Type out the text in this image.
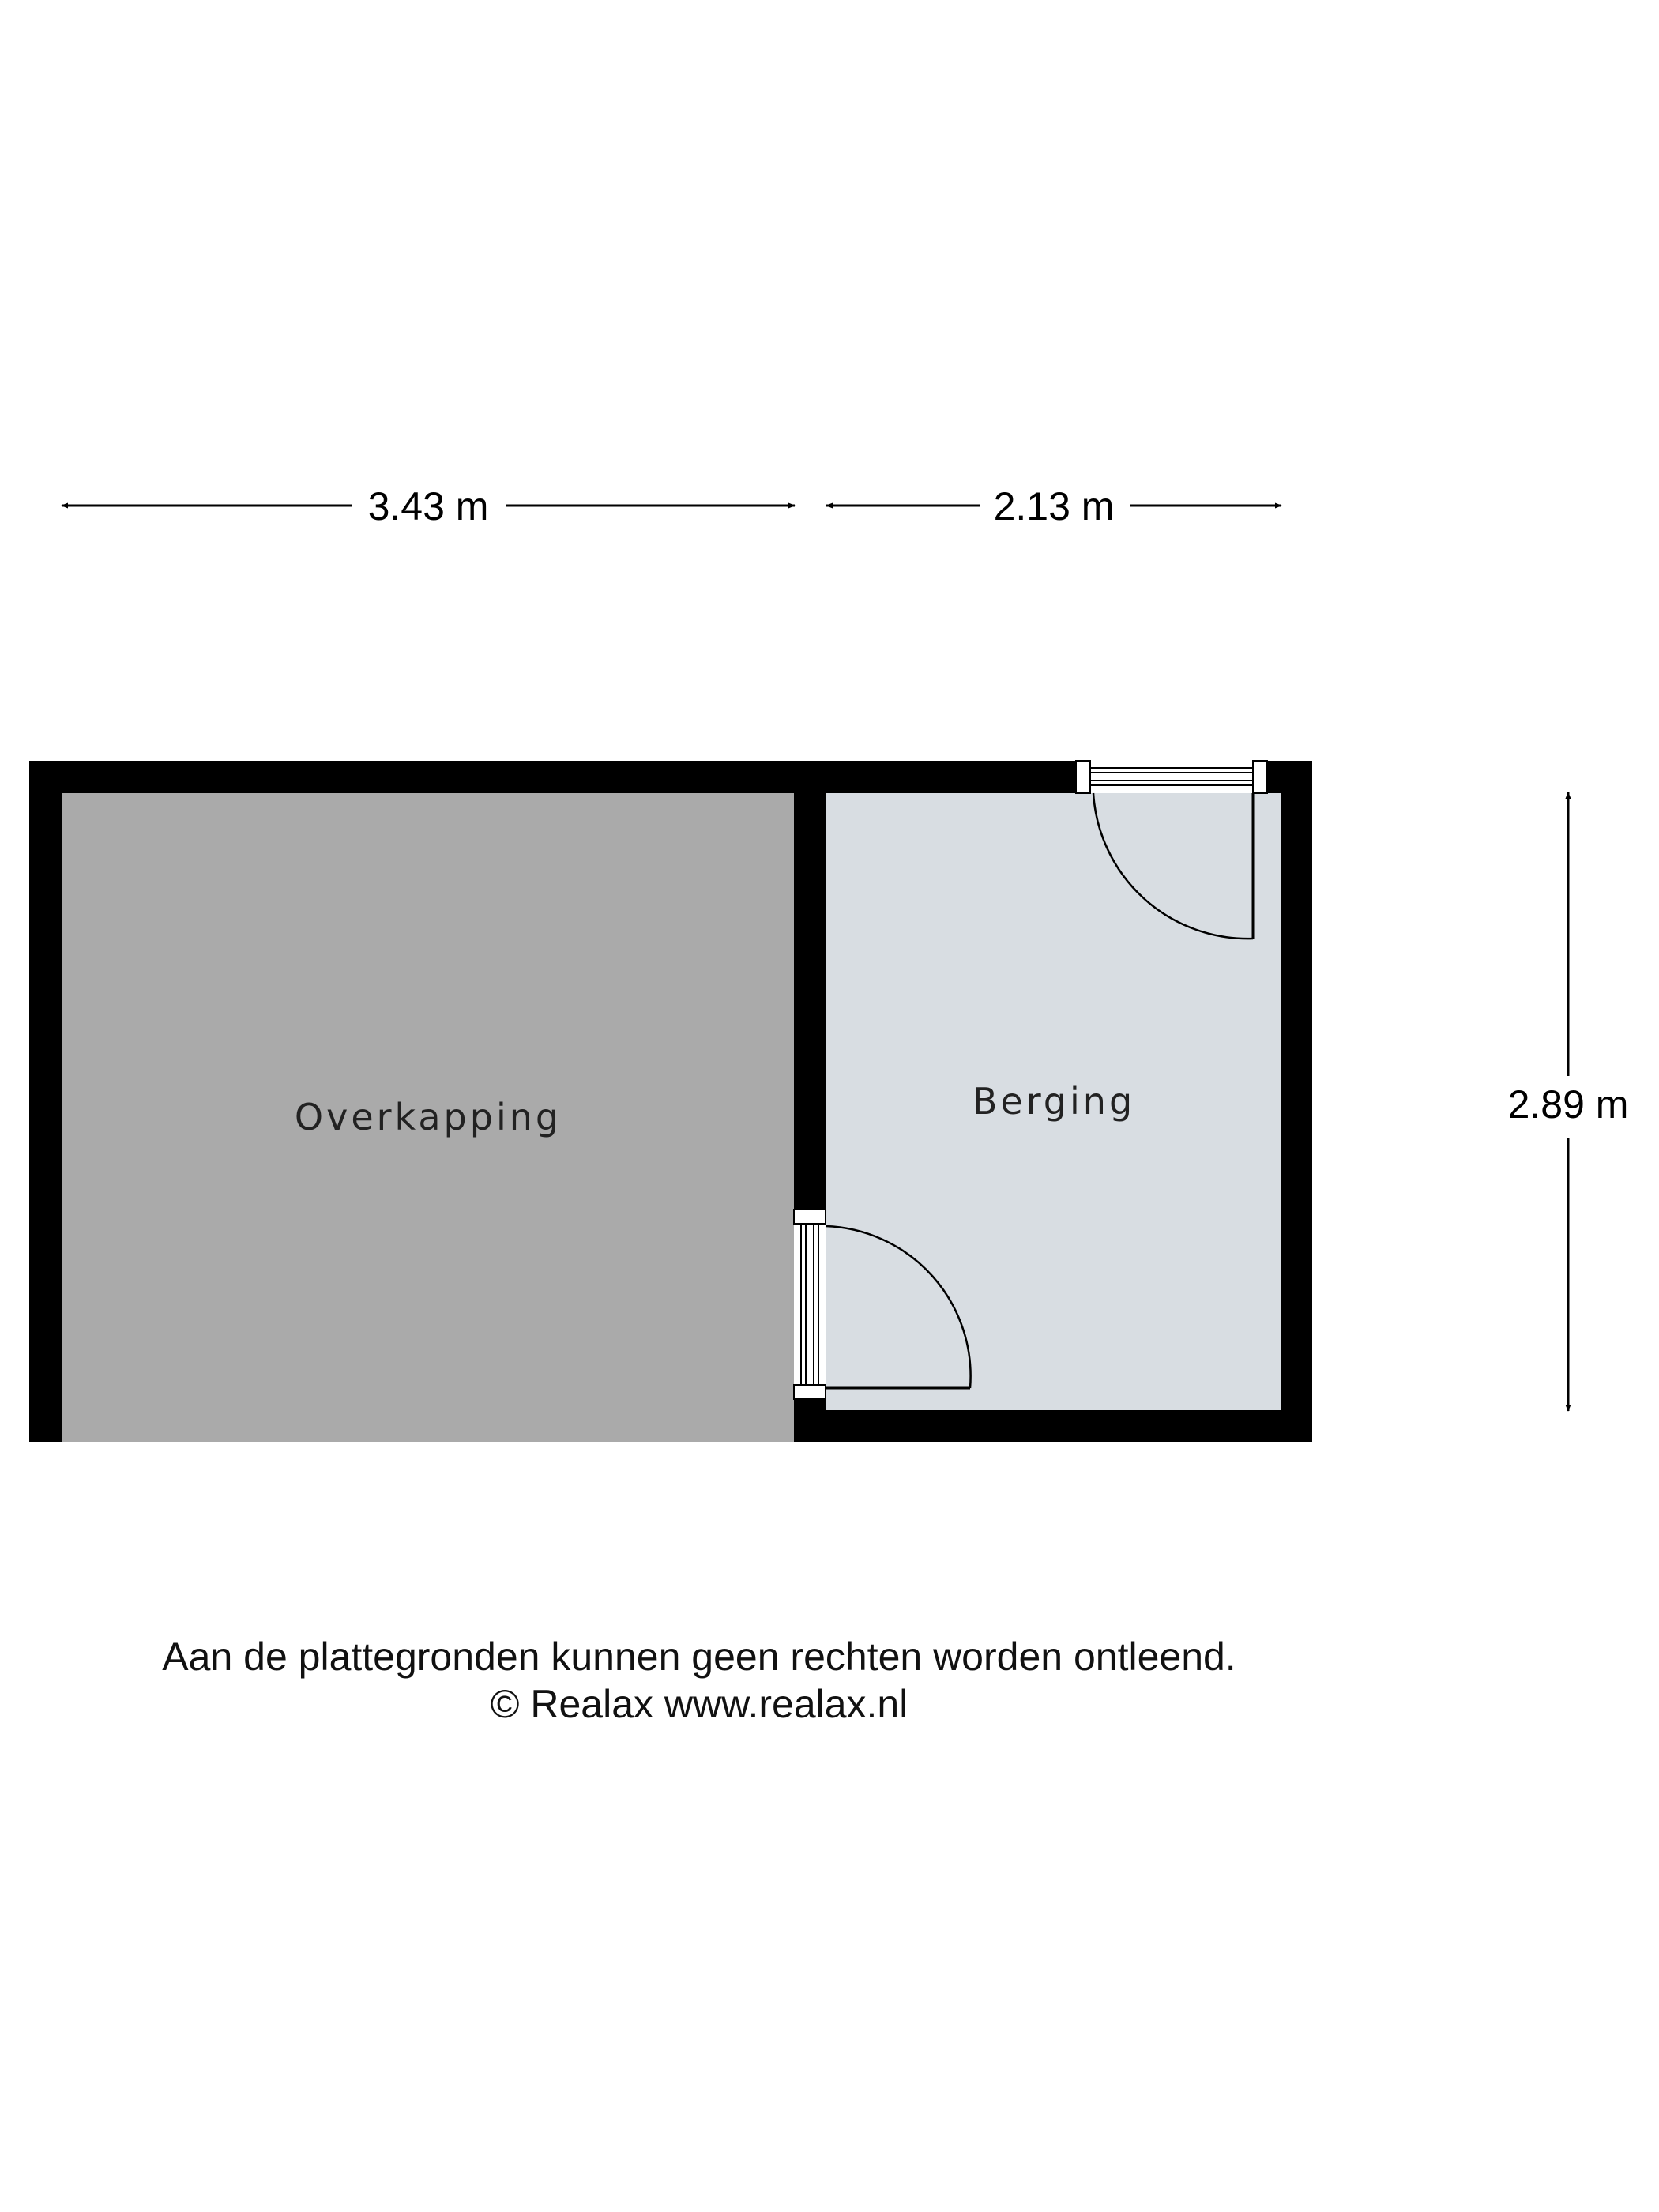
3.43 m	2.13 m
2.89 m
Overkapping	Berging
Aan de plattegronden kunnen geen rechten worden ontleend.
© Realax www.realax.nl
